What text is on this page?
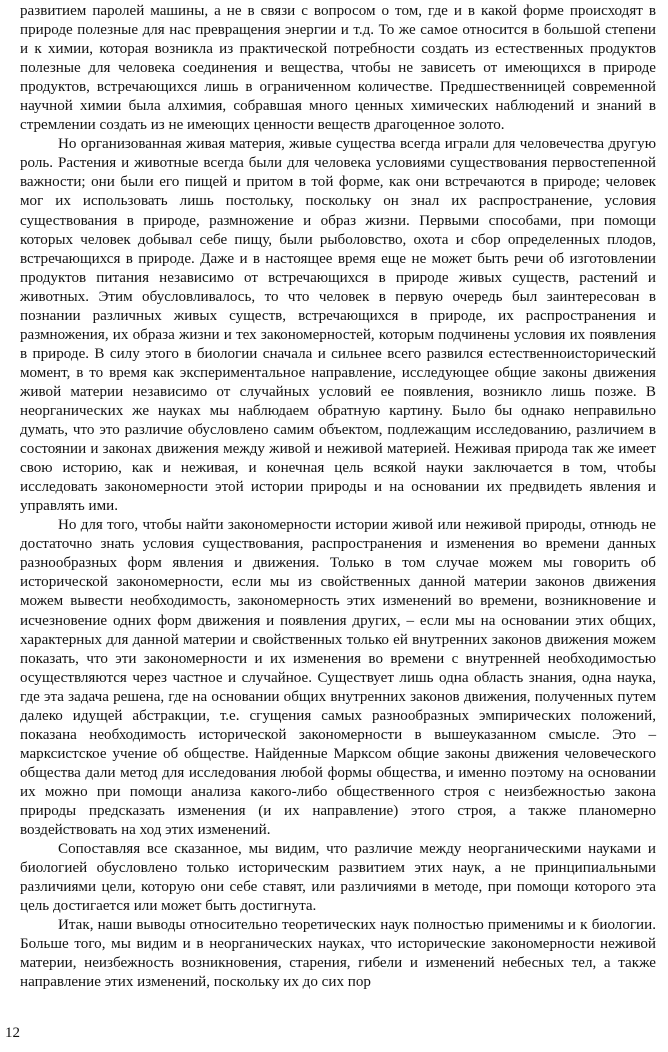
развитием паролей машины, а не в связи с вопросом о том, где и в какой форме происходят в природе полезные для нас превращения энергии и т.д. То же самое относится в большой степени и к химии, которая возникла из практической потребности создать из естественных продуктов полезные для человека соединения и вещества, чтобы не зависеть от имеющихся в природе продуктов, встречающихся лишь в ограниченном количестве. Предшественницей современной научной химии была алхимия, собравшая много ценных химических наблюдений и знаний в стремлении создать из не имеющих ценности веществ драгоценное золото.

Но организованная живая материя, живые существа всегда играли для человечества другую роль. Растения и животные всегда были для человека условиями существования первостепенной важности; они были его пищей и притом в той форме, как они встречаются в природе; человек мог их использовать лишь постольку, поскольку он знал их распространение, условия существования в природе, размножение и образ жизни. Первыми способами, при помощи которых человек добывал себе пищу, были рыболовство, охота и сбор определенных плодов, встречающихся в природе. Даже и в настоящее время еще не может быть речи об изготовлении продуктов питания независимо от встречающихся в природе живых существ, растений и животных. Этим обусловливалось, то что человек в первую очередь был заинтересован в познании различных живых существ, встречающихся в природе, их распространения и размножения, их образа жизни и тех закономерностей, которым подчинены условия их появления в природе. В силу этого в биологии сначала и сильнее всего развился естественноисторический момент, в то время как экспериментальное направление, исследующее общие законы движения живой материи независимо от случайных условий ее появления, возникло лишь позже. В неорганических же науках мы наблюдаем обратную картину. Было бы однако неправильно думать, что это различие обусловлено самим объектом, подлежащим исследованию, различием в состоянии и законах движения между живой и неживой материей. Неживая природа так же имеет свою историю, как и неживая, и конечная цель всякой науки заключается в том, чтобы исследовать закономерности этой истории природы и на основании их предвидеть явления и управлять ими.

Но для того, чтобы найти закономерности истории живой или неживой природы, отнюдь не достаточно знать условия существования, распространения и изменения во времени данных разнообразных форм явления и движения. Только в том случае можем мы говорить об исторической закономерности, если мы из свойственных данной материи законов движения можем вывести необходимость, закономерность этих изменений во времени, возникновение и исчезновение одних форм движения и появления других, – если мы на основании этих общих, характерных для данной материи и свойственных только ей внутренних законов движения можем показать, что эти закономерности и их изменения во времени с внутренней необходимостью осуществляются через частное и случайное. Существует лишь одна область знания, одна наука, где эта задача решена, где на основании общих внутренних законов движения, полученных путем далеко идущей абстракции, т.е. сгущения самых разнообразных эмпирических положений, показана необходимость исторической закономерности в вышеуказанном смысле. Это – марксистское учение об обществе. Найденные Марксом общие законы движения человеческого общества дали метод для исследования любой формы общества, и именно поэтому на основании их можно при помощи анализа какого-либо общественного строя с неизбежностью закона природы предсказать изменения (и их направление) этого строя, а также планомерно воздействовать на ход этих изменений.

Сопоставляя все сказанное, мы видим, что различие между неорганическими науками и биологией обусловлено только историческим развитием этих наук, а не принципиальными различиями цели, которую они себе ставят, или различиями в методе, при помощи которого эта цель достигается или может быть достигнута.

Итак, наши выводы относительно теоретических наук полностью применимы и к биологии. Больше того, мы видим и в неорганических науках, что исторические закономерности неживой материи, неизбежность возникновения, старения, гибели и изменений небесных тел, а также направление этих изменений, поскольку их до сих пор

12
